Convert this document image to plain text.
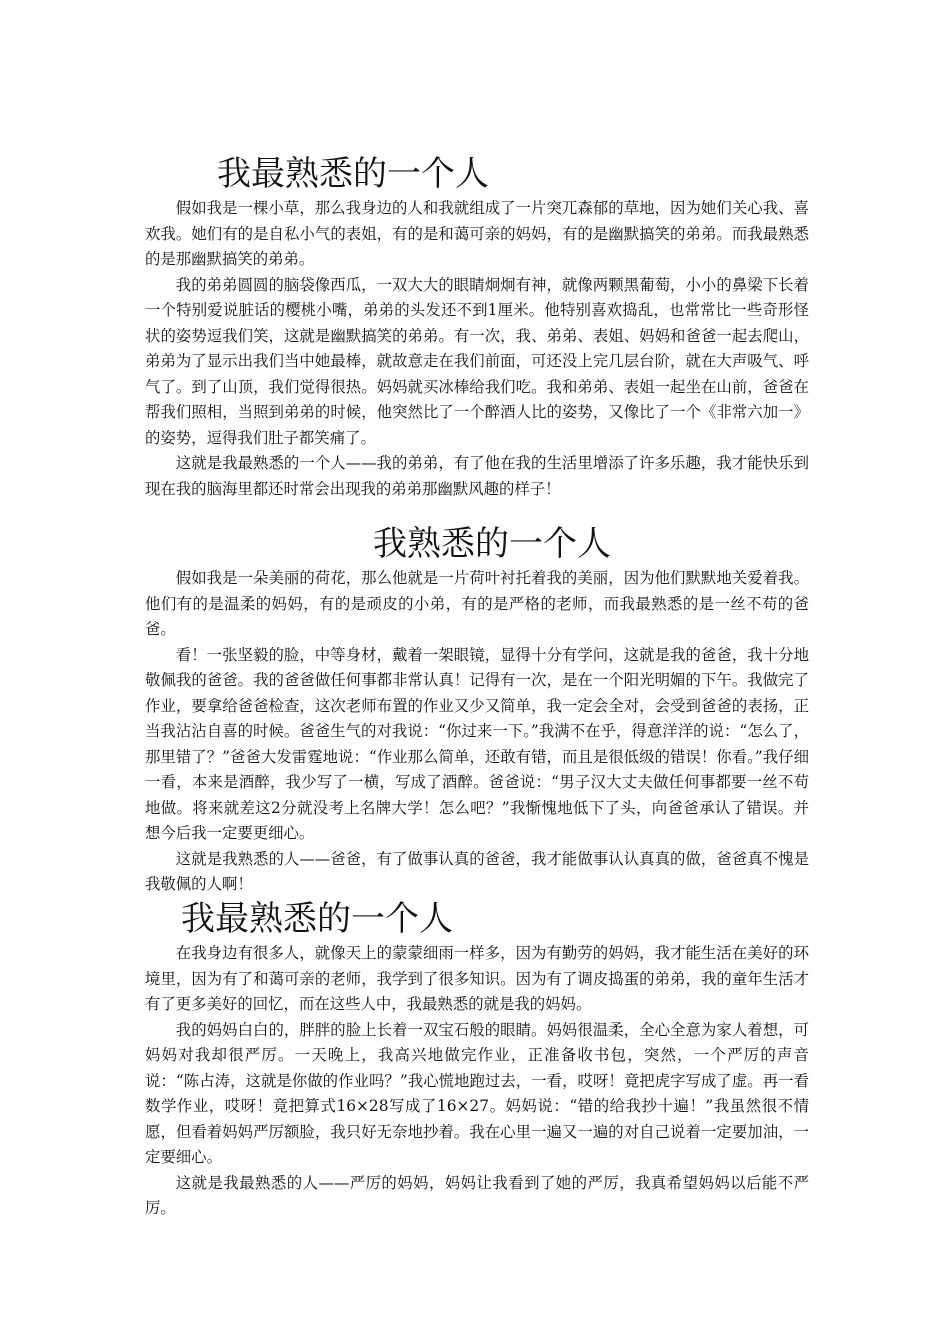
我最熟悉的一个人

假如我是一棵小草，那么我身边的人和我就组成了一片突兀森郁的草地，因为她们关心我、喜欢我。她们有的是自私小气的表姐，有的是和蔼可亲的妈妈，有的是幽默搞笑的弟弟。而我最熟悉的是那幽默搞笑的弟弟。

我的弟弟圆圆的脑袋像西瓜，一双大大的眼睛炯炯有神，就像两颗黑葡萄，小小的鼻梁下长着一个特别爱说脏话的樱桃小嘴，弟弟的头发还不到1厘米。他特别喜欢捣乱，也常常比一些奇形怪状的姿势逗我们笑，这就是幽默搞笑的弟弟。有一次，我、弟弟、表姐、妈妈和爸爸一起去爬山，弟弟为了显示出我们当中她最棒，就故意走在我们前面，可还没上完几层台阶，就在大声吸气、呼气了。到了山顶，我们觉得很热。妈妈就买冰棒给我们吃。我和弟弟、表姐一起坐在山前，爸爸在帮我们照相，当照到弟弟的时候，他突然比了一个醉酒人比的姿势，又像比了一个《非常六加一》的姿势，逗得我们肚子都笑痛了。

这就是我最熟悉的一个人——我的弟弟，有了他在我的生活里增添了许多乐趣，我才能快乐到现在我的脑海里都还时常会出现我的弟弟那幽默风趣的样子！

我熟悉的一个人

假如我是一朵美丽的荷花，那么他就是一片荷叶衬托着我的美丽，因为他们默默地关爱着我。他们有的是温柔的妈妈，有的是顽皮的小弟，有的是严格的老师，而我最熟悉的是一丝不苟的爸爸。

看！一张坚毅的脸，中等身材，戴着一架眼镜，显得十分有学问，这就是我的爸爸，我十分地敬佩我的爸爸。我的爸爸做任何事都非常认真！记得有一次，是在一个阳光明媚的下午。我做完了作业，要拿给爸爸检查，这次老师布置的作业又少又简单，我一定会全对，会受到爸爸的表扬，正当我沾沾自喜的时候。爸爸生气的对我说：“你过来一下。”我满不在乎，得意洋洋的说：“怎么了，那里错了？”爸爸大发雷霆地说：“作业那么简单，还敢有错，而且是很低级的错误！你看。”我仔细一看，本来是酒醉，我少写了一横，写成了酒醉。爸爸说：“男子汉大丈夫做任何事都要一丝不苟地做。将来就差这2分就没考上名牌大学！怎么吧？”我惭愧地低下了头，向爸爸承认了错误。并想今后我一定要更细心。

这就是我熟悉的人——爸爸，有了做事认真的爸爸，我才能做事认认真真的做，爸爸真不愧是我敬佩的人啊！

我最熟悉的一个人

在我身边有很多人，就像天上的蒙蒙细雨一样多，因为有勤劳的妈妈，我才能生活在美好的环境里，因为有了和蔼可亲的老师，我学到了很多知识。因为有了调皮捣蛋的弟弟，我的童年生活才有了更多美好的回忆，而在这些人中，我最熟悉的就是我的妈妈。

我的妈妈白白的，胖胖的脸上长着一双宝石般的眼睛。妈妈很温柔，全心全意为家人着想，可妈妈对我却很严厉。一天晚上，我高兴地做完作业，正准备收书包，突然，一个严厉的声音说：“陈占涛，这就是你做的作业吗？”我心慌地跑过去，一看，哎呀！竟把虎字写成了虚。再一看数学作业，哎呀！竟把算式16×28写成了16×27。妈妈说：“错的给我抄十遍！”我虽然很不情愿，但看着妈妈严厉额脸，我只好无奈地抄着。我在心里一遍又一遍的对自己说着一定要加油，一定要细心。

这就是我最熟悉的人——严厉的妈妈，妈妈让我看到了她的严厉，我真希望妈妈以后能不严厉。
